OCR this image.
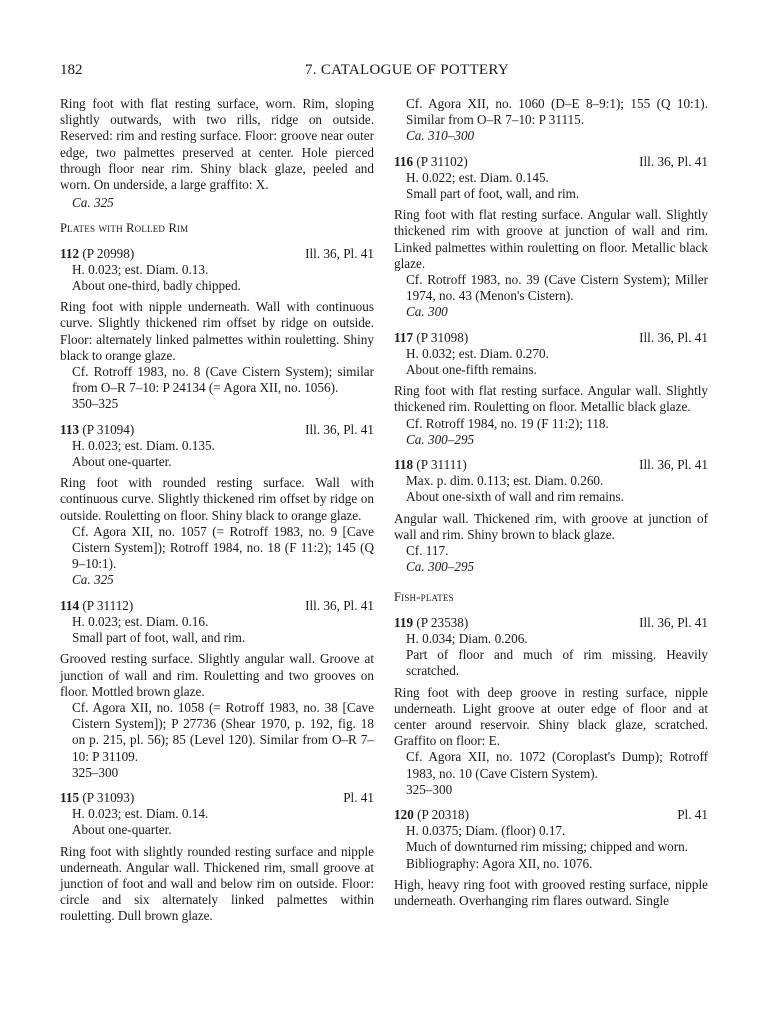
182	7. CATALOGUE OF POTTERY
Ring foot with flat resting surface, worn. Rim, sloping slightly outwards, with two rills, ridge on outside. Reserved: rim and resting surface. Floor: groove near outer edge, two palmettes preserved at center. Hole pierced through floor near rim. Shiny black glaze, peeled and worn. On underside, a large graffito: X.
Ca. 325
Plates with Rolled Rim
112 (P 20998)	Ill. 36, Pl. 41
H. 0.023; est. Diam. 0.13.
About one-third, badly chipped.
Ring foot with nipple underneath. Wall with continuous curve. Slightly thickened rim offset by ridge on outside. Floor: alternately linked palmettes within rouletting. Shiny black to orange glaze.
Cf. Rotroff 1983, no. 8 (Cave Cistern System); similar from O–R 7–10: P 24134 (= Agora XII, no. 1056).
350–325
113 (P 31094)	Ill. 36, Pl. 41
H. 0.023; est. Diam. 0.135.
About one-quarter.
Ring foot with rounded resting surface. Wall with continuous curve. Slightly thickened rim offset by ridge on outside. Rouletting on floor. Shiny black to orange glaze.
Cf. Agora XII, no. 1057 (= Rotroff 1983, no. 9 [Cave Cistern System]); Rotroff 1984, no. 18 (F 11:2); 145 (Q 9–10:1).
Ca. 325
114 (P 31112)	Ill. 36, Pl. 41
H. 0.023; est. Diam. 0.16.
Small part of foot, wall, and rim.
Grooved resting surface. Slightly angular wall. Groove at junction of wall and rim. Rouletting and two grooves on floor. Mottled brown glaze.
Cf. Agora XII, no. 1058 (= Rotroff 1983, no. 38 [Cave Cistern System]); P 27736 (Shear 1970, p. 192, fig. 18 on p. 215, pl. 56); 85 (Level 120). Similar from O–R 7–10: P 31109.
325–300
115 (P 31093)	Pl. 41
H. 0.023; est. Diam. 0.14.
About one-quarter.
Ring foot with slightly rounded resting surface and nipple underneath. Angular wall. Thickened rim, small groove at junction of foot and wall and below rim on outside. Floor: circle and six alternately linked palmettes within rouletting. Dull brown glaze.
Cf. Agora XII, no. 1060 (D–E 8–9:1); 155 (Q 10:1). Similar from O–R 7–10: P 31115.
Ca. 310–300
116 (P 31102)	Ill. 36, Pl. 41
H. 0.022; est. Diam. 0.145.
Small part of foot, wall, and rim.
Ring foot with flat resting surface. Angular wall. Slightly thickened rim with groove at junction of wall and rim. Linked palmettes within rouletting on floor. Metallic black glaze.
Cf. Rotroff 1983, no. 39 (Cave Cistern System); Miller 1974, no. 43 (Menon's Cistern).
Ca. 300
117 (P 31098)	Ill. 36, Pl. 41
H. 0.032; est. Diam. 0.270.
About one-fifth remains.
Ring foot with flat resting surface. Angular wall. Slightly thickened rim. Rouletting on floor. Metallic black glaze.
Cf. Rotroff 1984, no. 19 (F 11:2); 118.
Ca. 300–295
118 (P 31111)	Ill. 36, Pl. 41
Max. p. dim. 0.113; est. Diam. 0.260.
About one-sixth of wall and rim remains.
Angular wall. Thickened rim, with groove at junction of wall and rim. Shiny brown to black glaze.
Cf. 117.
Ca. 300–295
Fish-plates
119 (P 23538)	Ill. 36, Pl. 41
H. 0.034; Diam. 0.206.
Part of floor and much of rim missing. Heavily scratched.
Ring foot with deep groove in resting surface, nipple underneath. Light groove at outer edge of floor and at center around reservoir. Shiny black glaze, scratched. Graffito on floor: E.
Cf. Agora XII, no. 1072 (Coroplast's Dump); Rotroff 1983, no. 10 (Cave Cistern System).
325–300
120 (P 20318)	Pl. 41
H. 0.0375; Diam. (floor) 0.17.
Much of downturned rim missing; chipped and worn.
Bibliography: Agora XII, no. 1076.
High, heavy ring foot with grooved resting surface, nipple underneath. Overhanging rim flares outward. Single
